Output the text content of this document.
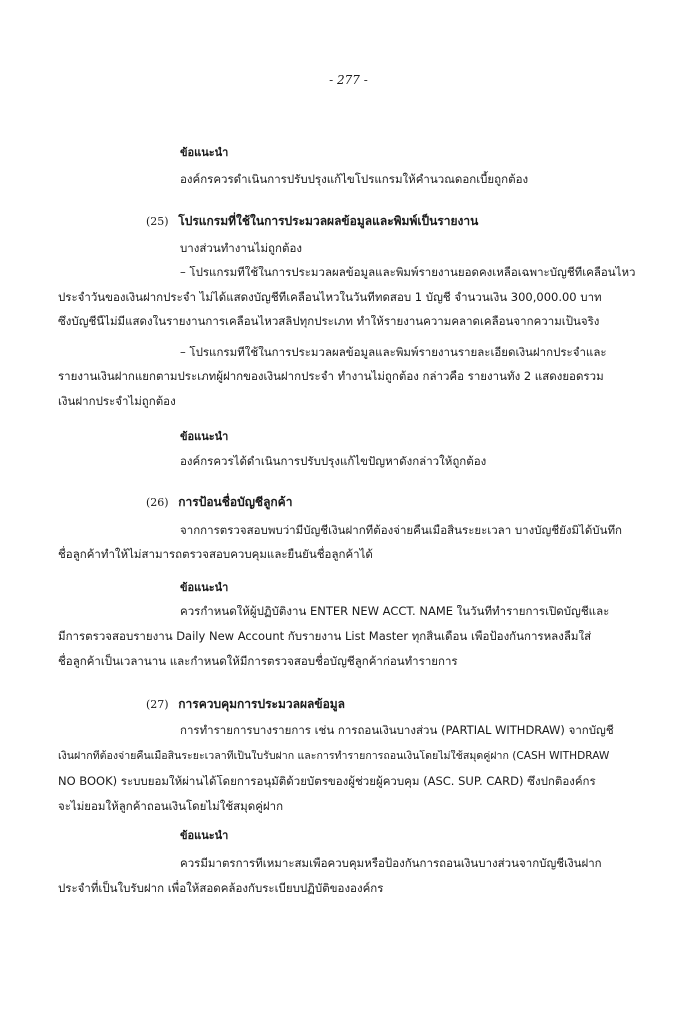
- 277 -
ข้อแนะนำ
องค์กรควรดำเนินการปรับปรุงแก้ไขโปรแกรมให้คำนวณดอกเบี้ยถูกต้อง
(25) โปรแกรมที่ใช้ในการประมวลผลข้อมูลและพิมพ์เป็นรายงาน
บางส่วนทำงานไม่ถูกต้อง
– โปรแกรมที่ใช้ในการประมวลผลข้อมูลและพิมพ์รายงานยอดคงเหลือเฉพาะบัญชีที่เคลื่อนไหว
ประจำวันของเงินฝากประจำ ไม่ได้แสดงบัญชีที่เคลื่อนไหวในวันที่ทดสอบ 1 บัญชี จำนวนเงิน 300,000.00 บาท
ซึ่งบัญชีนี้ไม่มีแสดงในรายงานการเคลื่อนไหวสลิปทุกประเภท ทำให้รายงานความคลาดเคลื่อนจากความเป็นจริง
– โปรแกรมที่ใช้ในการประมวลผลข้อมูลและพิมพ์รายงานรายละเอียดเงินฝากประจำและ
รายงานเงินฝากแยกตามประเภทผู้ฝากของเงินฝากประจำ ทำงานไม่ถูกต้อง กล่าวคือ รายงานทั้ง 2 แสดงยอดรวม
เงินฝากประจำไม่ถูกต้อง
ข้อแนะนำ
องค์กรควรได้ดำเนินการปรับปรุงแก้ไขปัญหาดังกล่าวให้ถูกต้อง
(26) การป้อนชื่อบัญชีลูกค้า
จากการตรวจสอบพบว่ามีบัญชีเงินฝากที่ต้องจ่ายคืนเมื่อสิ้นระยะเวลา บางบัญชียังมิได้บันทึก
ชื่อลูกค้าทำให้ไม่สามารถตรวจสอบควบคุมและยืนยันชื่อลูกค้าได้
ข้อแนะนำ
ควรกำหนดให้ผู้ปฏิบัติงาน ENTER NEW ACCT. NAME ในวันที่ทำรายการเปิดบัญชีและ
มีการตรวจสอบรายงาน Daily New Account กับรายงาน List Master ทุกสิ้นเดือน เพื่อป้องกันการหลงลืมใส่
ชื่อลูกค้าเป็นเวลานาน และกำหนดให้มีการตรวจสอบชื่อบัญชีลูกค้าก่อนทำรายการ
(27) การควบคุมการประมวลผลข้อมูล
การทำรายการบางรายการ เช่น การถอนเงินบางส่วน (PARTIAL WITHDRAW) จากบัญชี
เงินฝากที่ต้องจ่ายคืนเมื่อสิ้นระยะเวลาที่เป็นใบรับฝาก และการทำรายการถอนเงินโดยไม่ใช้สมุดคู่ฝาก (CASH WITHDRAW
NO BOOK) ระบบยอมให้ผ่านได้โดยการอนุมัติด้วยบัตรของผู้ช่วยผู้ควบคุม (ASC. SUP. CARD) ซึ่งปกติองค์กร
จะไม่ยอมให้ลูกค้าถอนเงินโดยไม่ใช้สมุดคู่ฝาก
ข้อแนะนำ
ควรมีมาตรการที่เหมาะสมเพื่อควบคุมหรือป้องกันการถอนเงินบางส่วนจากบัญชีเงินฝาก
ประจำที่เป็นใบรับฝาก เพื่อให้สอดคล้องกับระเบียบปฏิบัติขององค์กร
